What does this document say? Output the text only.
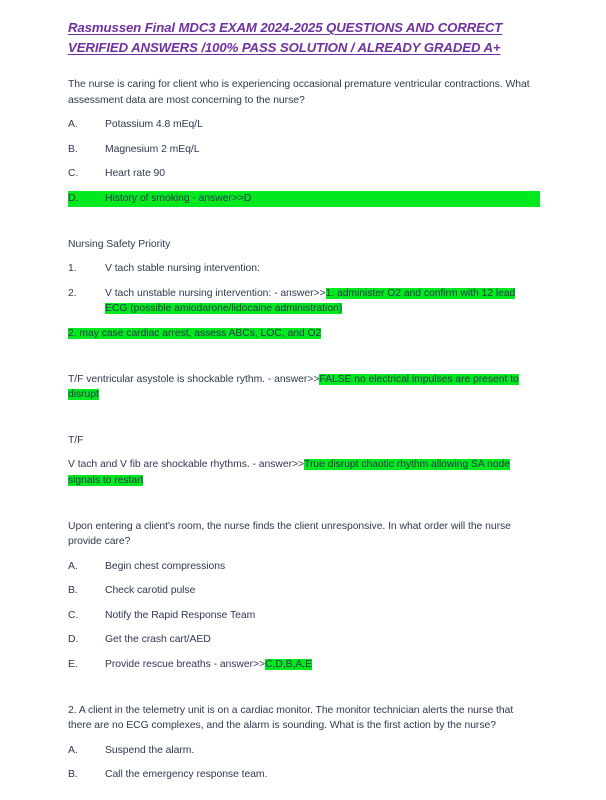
Rasmussen Final MDC3 EXAM 2024-2025 QUESTIONS AND CORRECT VERIFIED ANSWERS /100% PASS SOLUTION / ALREADY GRADED A+

The nurse is caring for client who is experiencing occasional premature ventricular contractions. What assessment data are most concerning to the nurse?

A.	Potassium 4.8 mEq/L
B.	Magnesium 2 mEq/L
C.	Heart rate 90
D.	History of smoking - answer>>D

Nursing Safety Priority

1.	V tach stable nursing intervention:
2.	V tach unstable nursing intervention: - answer>>1. administer O2 and confirm with 12 lead ECG (possible amiodarone/lidocaine administration)

2. may case cardiac arrest, assess ABCs, LOC, and O2

T/F ventricular asystole is shockable rythm. - answer>>FALSE no electrical impulses are present to disrupt

T/F

V tach and V fib are shockable rhythms. - answer>>True disrupt chaotic rhythm allowing SA node signals to restart

Upon entering a client's room, the nurse finds the client unresponsive. In what order will the nurse provide care?

A.	Begin chest compressions
B.	Check carotid pulse
C.	Notify the Rapid Response Team
D.	Get the crash cart/AED
E.	Provide rescue breaths - answer>>C,D,B,A,E

2. A client in the telemetry unit is on a cardiac monitor. The monitor technician alerts the nurse that there are no ECG complexes, and the alarm is sounding. What is the first action by the nurse?

A.	Suspend the alarm.
B.	Call the emergency response team.
